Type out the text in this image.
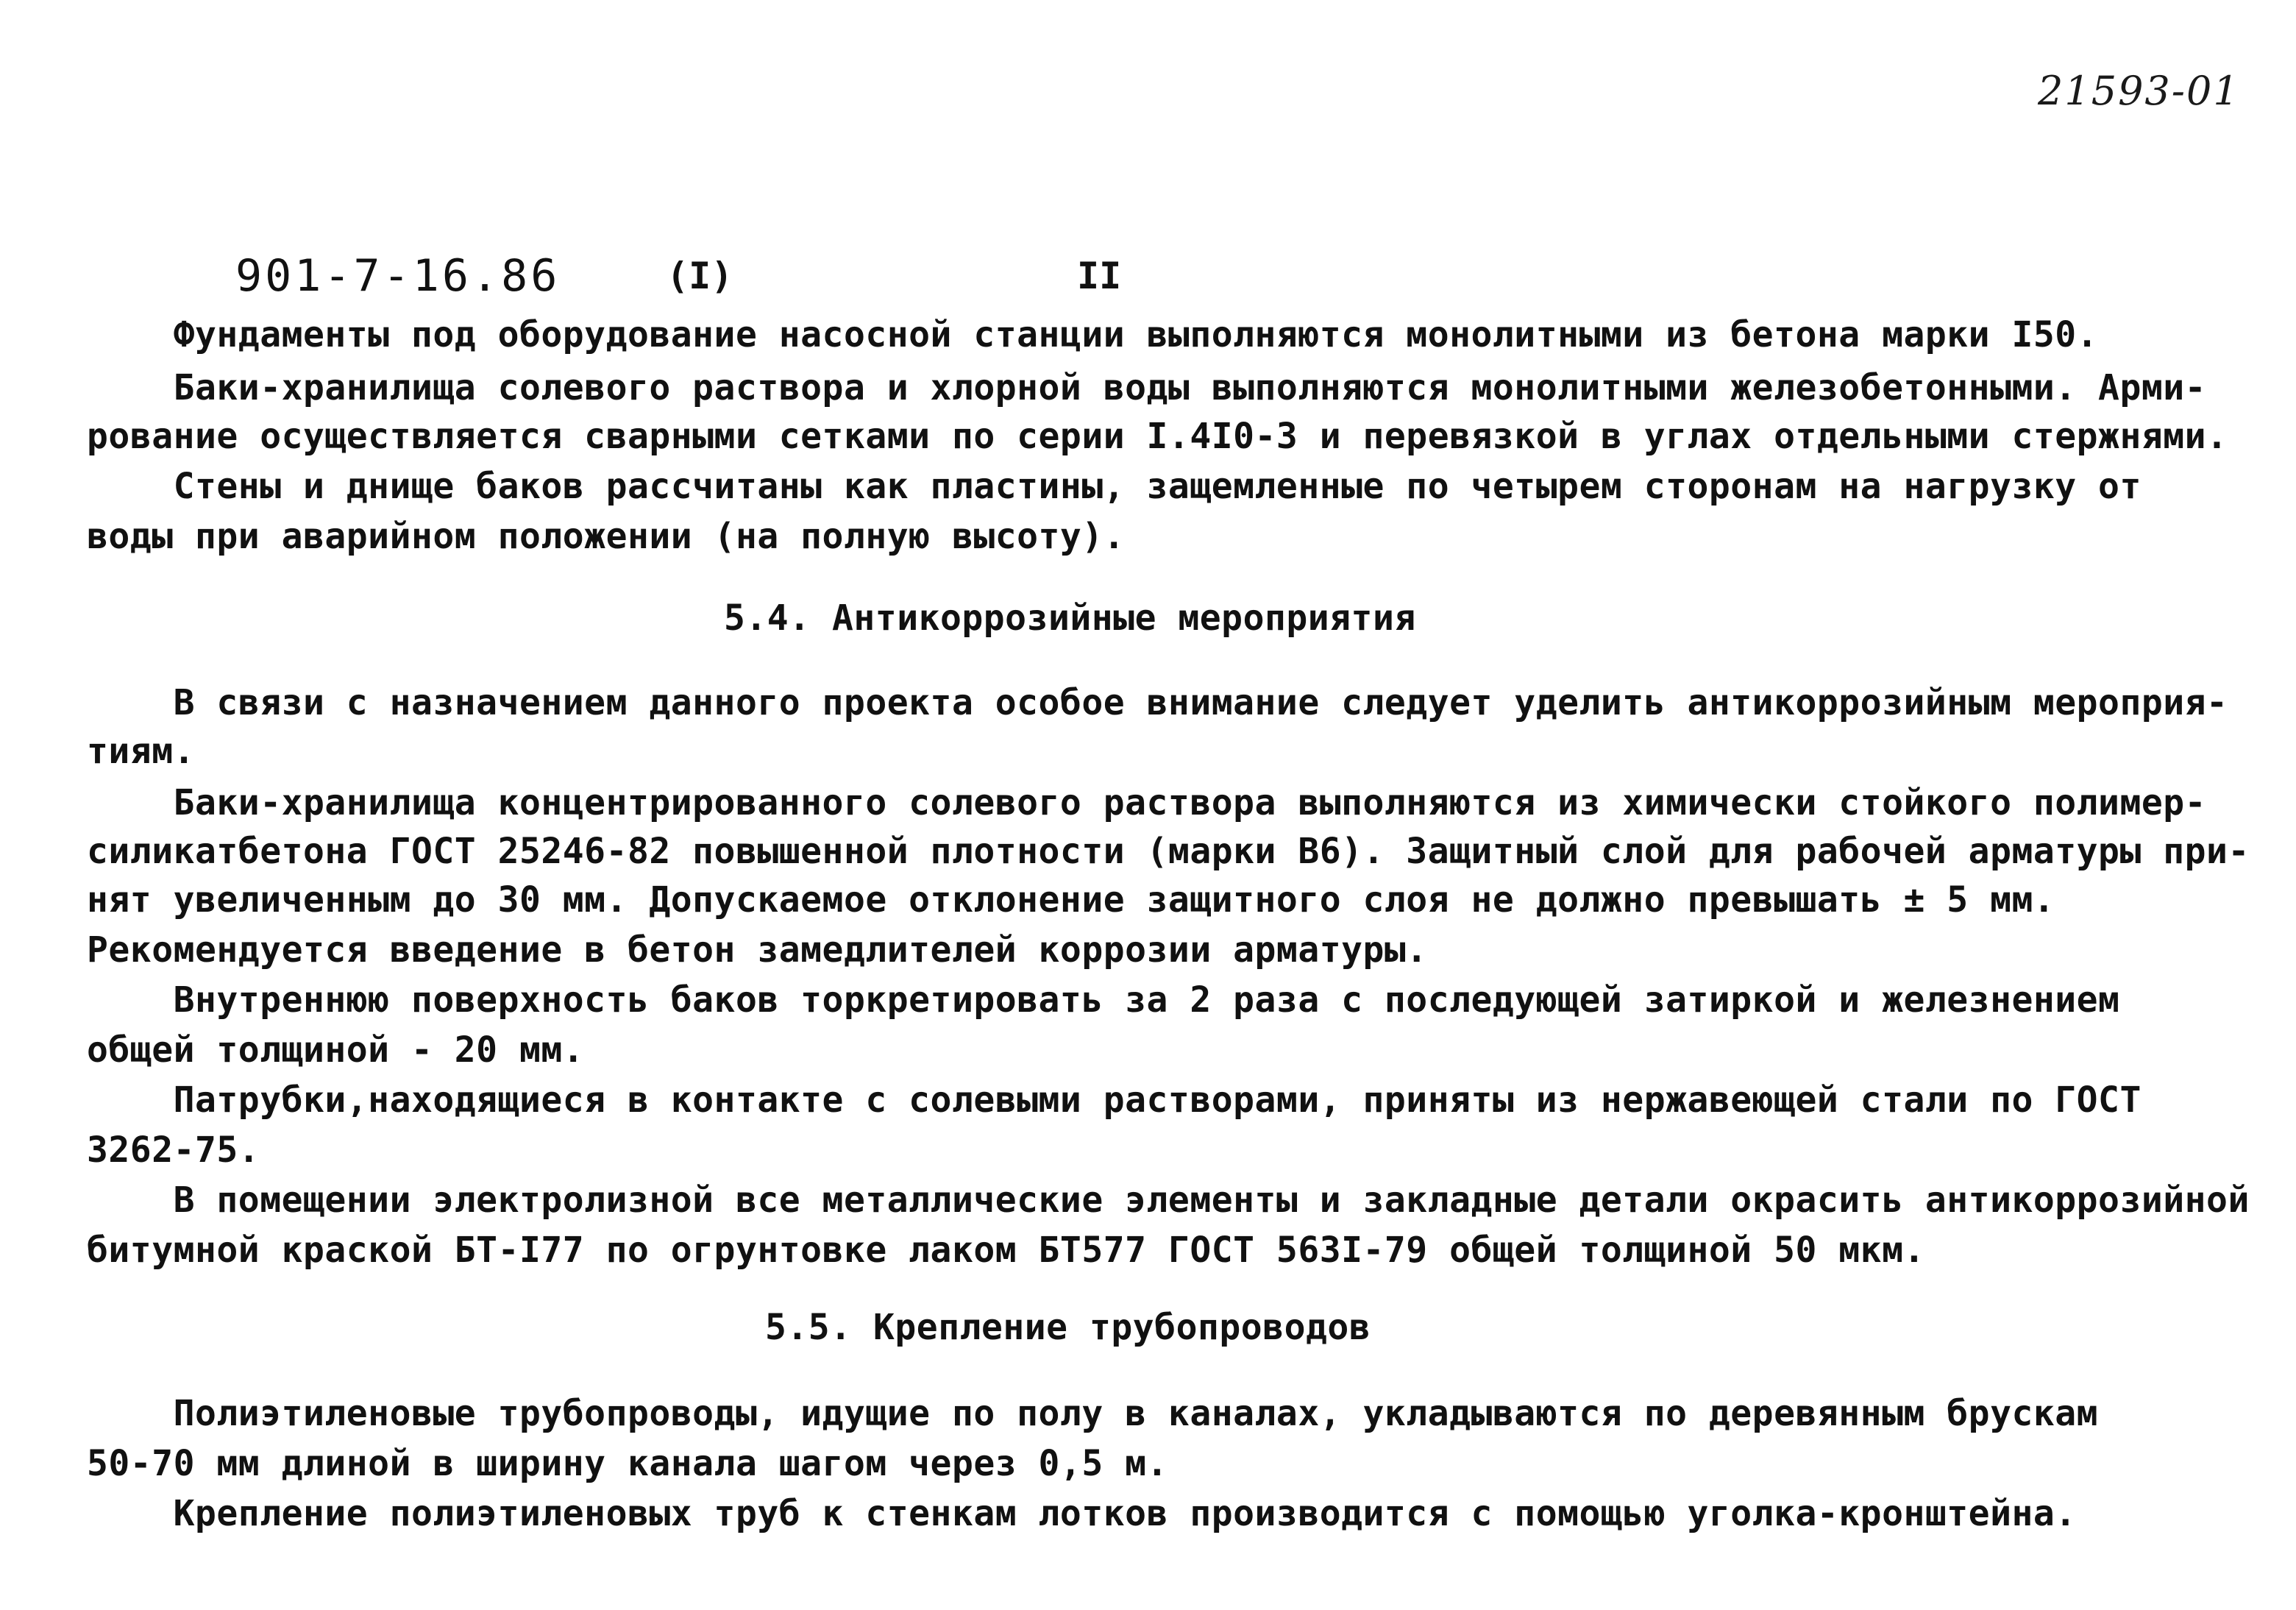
21593-01
901-7-16.86	(I)	II
Фундаменты под оборудование насосной станции выполняются монолитными из бетона марки I50.
Баки-хранилища солевого раствора и хлорной воды выполняются монолитными железобетонными. Арми-
рование осуществляется сварными сетками по серии I.4I0-3 и перевязкой в углах отдельными стержнями.
Стены и днище баков рассчитаны как пластины, защемленные по четырем сторонам на нагрузку от
воды при аварийном положении (на полную высоту).
5.4. Антикоррозийные мероприятия
В связи с назначением данного проекта особое внимание следует уделить антикоррозийным мероприя-
тиям.
Баки-хранилища концентрированного солевого раствора выполняются из химически стойкого полимер-
силикатбетона ГОСТ 25246-82 повышенной плотности (марки В6). Защитный слой для рабочей арматуры при-
нят увеличенным до 30 мм. Допускаемое отклонение защитного слоя не должно превышать ± 5 мм.
Рекомендуется введение в бетон замедлителей коррозии арматуры.
Внутреннюю поверхность баков торкретировать за 2 раза с последующей затиркой и железнением
общей толщиной - 20 мм.
Патрубки,находящиеся в контакте с солевыми растворами, приняты из нержавеющей стали по ГОСТ
3262-75.
В помещении электролизной все металлические элементы и закладные детали окрасить антикоррозийной
битумной краской БТ-I77 по огрунтовке лаком БТ577 ГОСТ 563I-79 общей толщиной 50 мкм.
5.5. Крепление трубопроводов
Полиэтиленовые трубопроводы, идущие по полу в каналах, укладываются по деревянным брускам
50-70 мм длиной в ширину канала шагом через 0,5 м.
Крепление полиэтиленовых труб к стенкам лотков производится с помощью уголка-кронштейна.
